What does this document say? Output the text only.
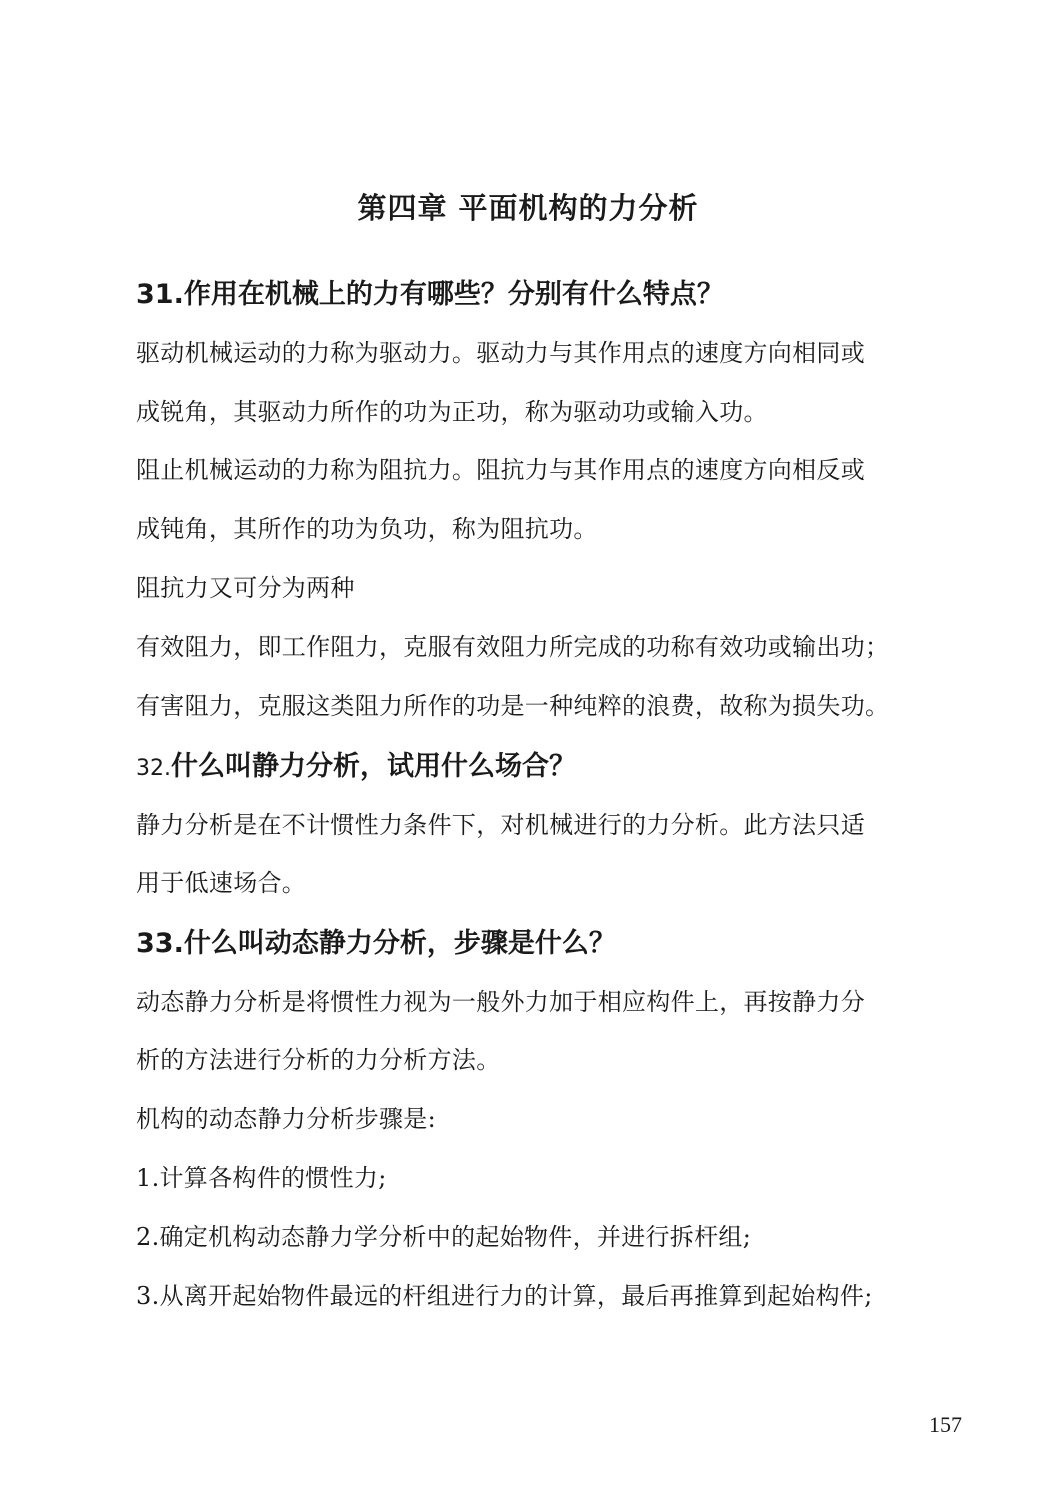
第四章 平面机构的力分析
31.作用在机械上的力有哪些？分别有什么特点？

驱动机械运动的力称为驱动力。驱动力与其作用点的速度方向相同或

成锐角，其驱动力所作的功为正功，称为驱动功或输入功。

阻止机械运动的力称为阻抗力。阻抗力与其作用点的速度方向相反或

成钝角，其所作的功为负功，称为阻抗功。

阻抗力又可分为两种

有效阻力，即工作阻力，克服有效阻力所完成的功称有效功或输出功；

有害阻力，克服这类阻力所作的功是一种纯粹的浪费，故称为损失功。

32.什么叫静力分析，试用什么场合？

静力分析是在不计惯性力条件下，对机械进行的力分析。此方法只适

用于低速场合。

33.什么叫动态静力分析，步骤是什么？

动态静力分析是将惯性力视为一般外力加于相应构件上，再按静力分

析的方法进行分析的力分析方法。

机构的动态静力分析步骤是:

1.计算各构件的惯性力;

2.确定机构动态静力学分析中的起始物件，并进行拆杆组;

3.从离开起始物件最远的杆组进行力的计算，最后再推算到起始构件;

157
